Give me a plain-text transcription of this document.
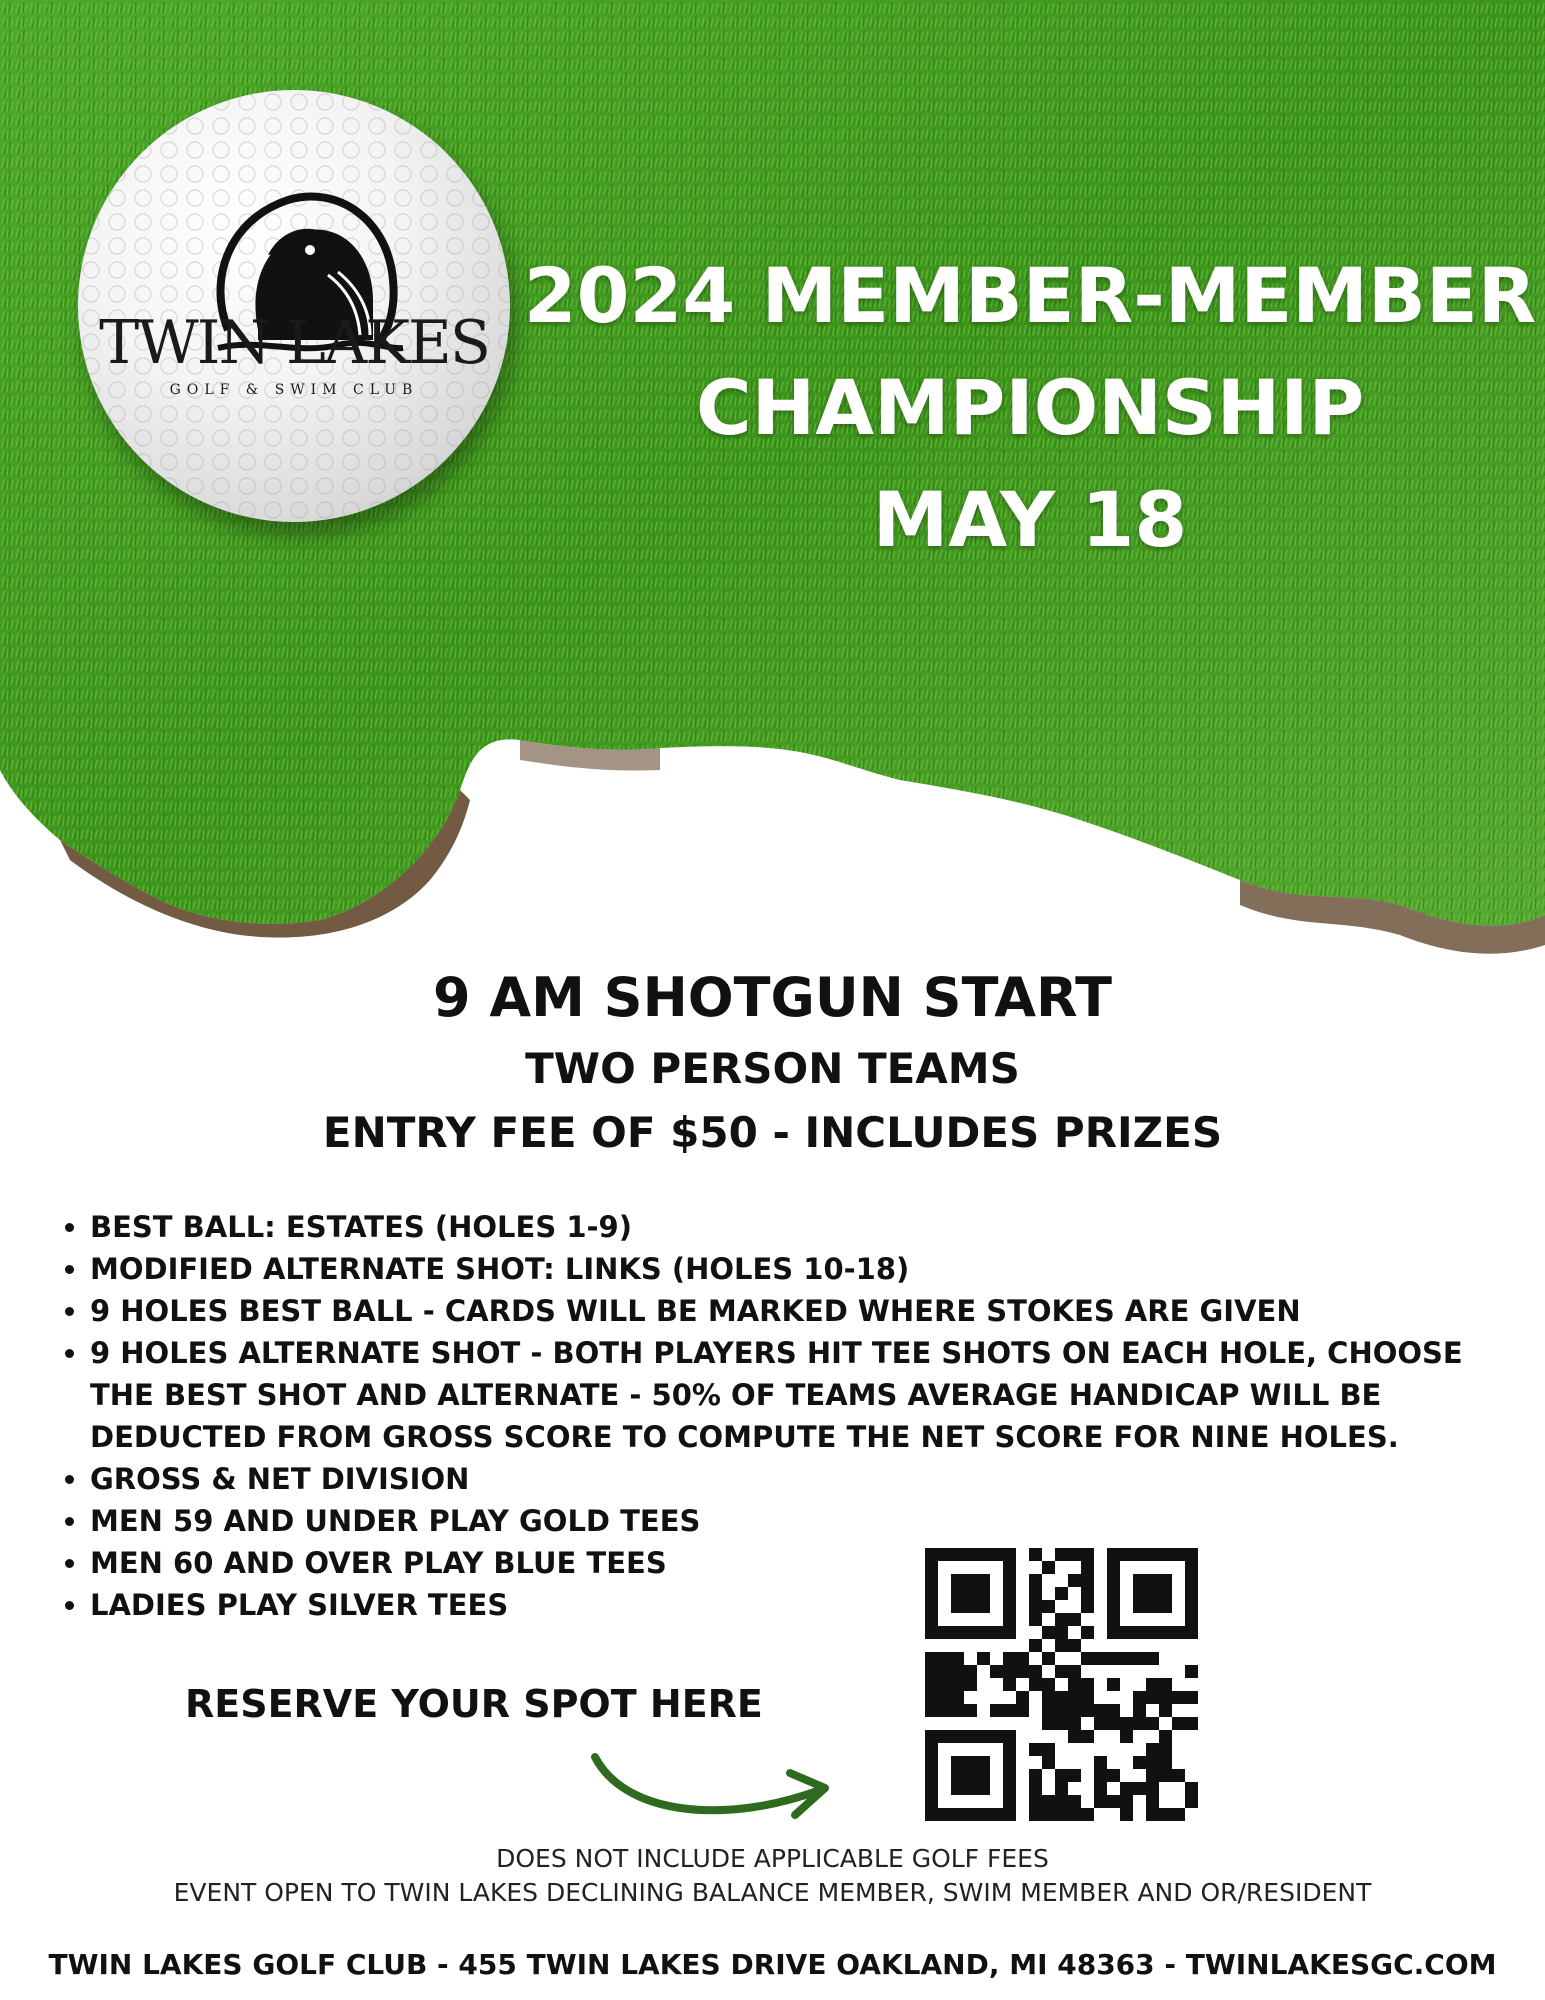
TWIN LAKES
GOLF & SWIM CLUB
2024 MEMBER-MEMBER
CHAMPIONSHIP
MAY 18
9 AM SHOTGUN START
TWO PERSON TEAMS
ENTRY FEE OF $50 - INCLUDES PRIZES
• BEST BALL: ESTATES (HOLES 1-9)
• MODIFIED ALTERNATE SHOT: LINKS (HOLES 10-18)
• 9 HOLES BEST BALL - CARDS WILL BE MARKED WHERE STOKES ARE GIVEN
• 9 HOLES ALTERNATE SHOT - BOTH PLAYERS HIT TEE SHOTS ON EACH HOLE, CHOOSE THE BEST SHOT AND ALTERNATE - 50% OF TEAMS AVERAGE HANDICAP WILL BE DEDUCTED FROM GROSS SCORE TO COMPUTE THE NET SCORE FOR NINE HOLES.
• GROSS & NET DIVISION
• MEN 59 AND UNDER PLAY GOLD TEES
• MEN 60 AND OVER PLAY BLUE TEES
• LADIES PLAY SILVER TEES
RESERVE YOUR SPOT HERE
DOES NOT INCLUDE APPLICABLE GOLF FEES
EVENT OPEN TO TWIN LAKES DECLINING BALANCE MEMBER, SWIM MEMBER AND OR/RESIDENT
TWIN LAKES GOLF CLUB - 455 TWIN LAKES DRIVE OAKLAND, MI 48363 - TWINLAKESGC.COM
